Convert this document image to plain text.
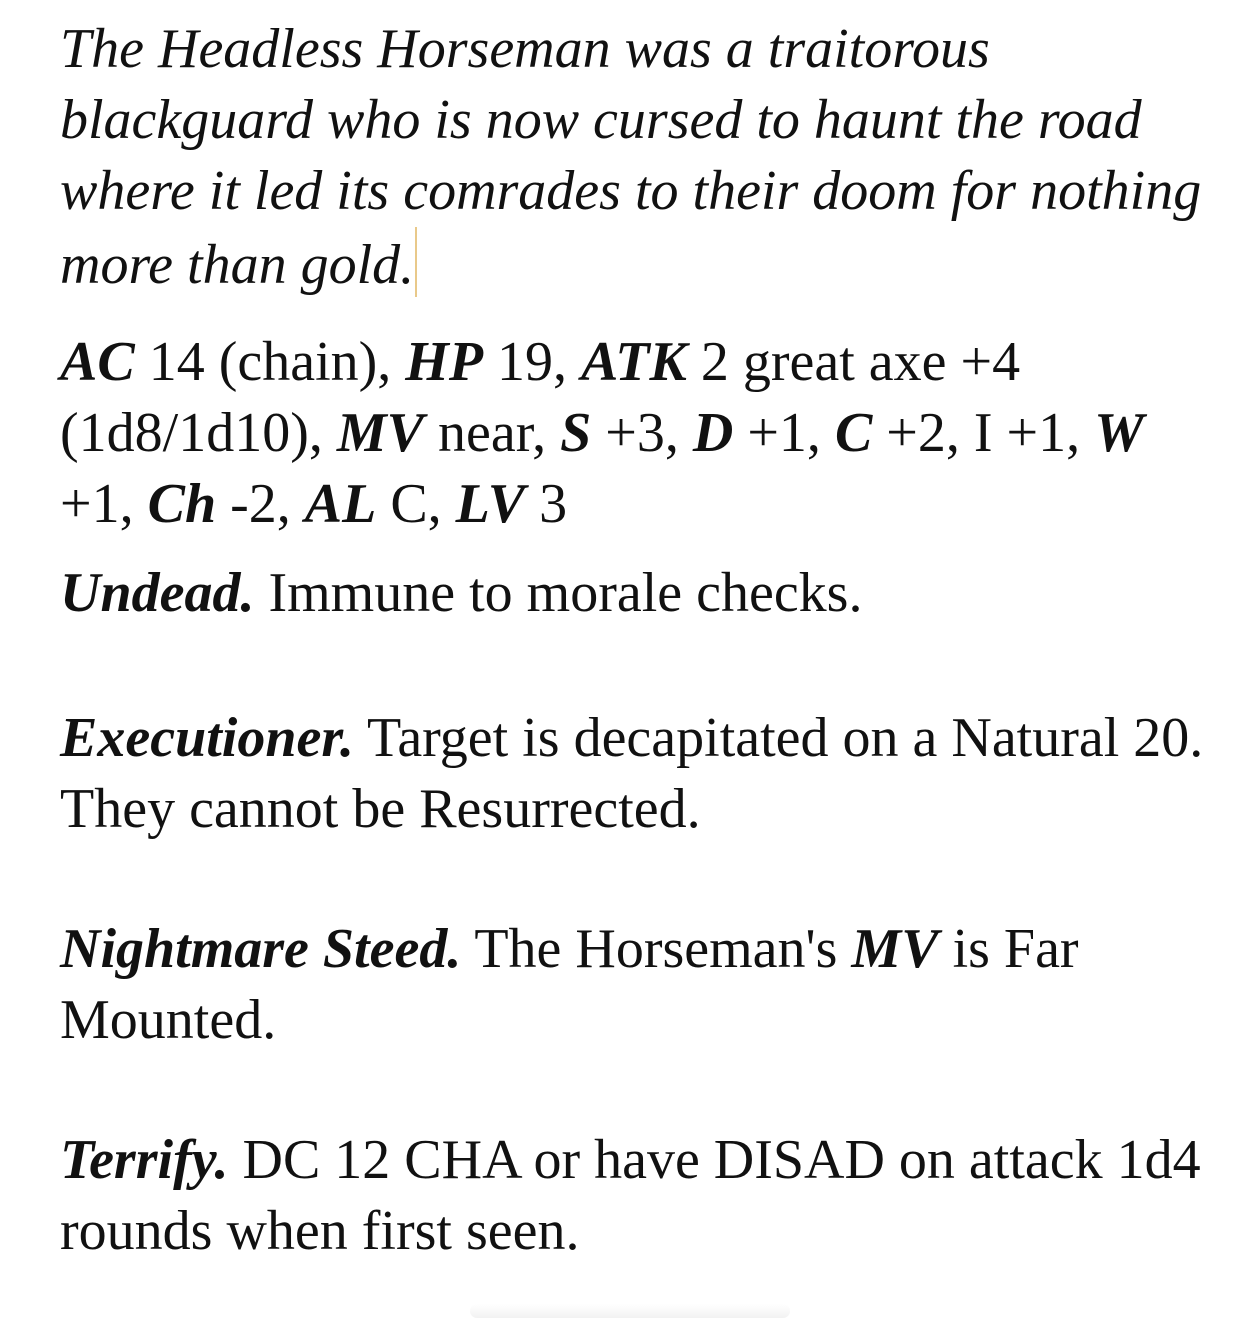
The Headless Horseman was a traitorous blackguard who is now cursed to haunt the road where it led its comrades to their doom for nothing more than gold.

AC 14 (chain), HP 19, ATK 2 great axe +4 (1d8/1d10), MV near, S +3, D +1, C +2, I +1, W +1, Ch -2, AL C, LV 3

Undead. Immune to morale checks.

Executioner. Target is decapitated on a Natural 20. They cannot be Resurrected.

Nightmare Steed. The Horseman's MV is Far Mounted.

Terrify. DC 12 CHA or have DISAD on attack 1d4 rounds when first seen.
